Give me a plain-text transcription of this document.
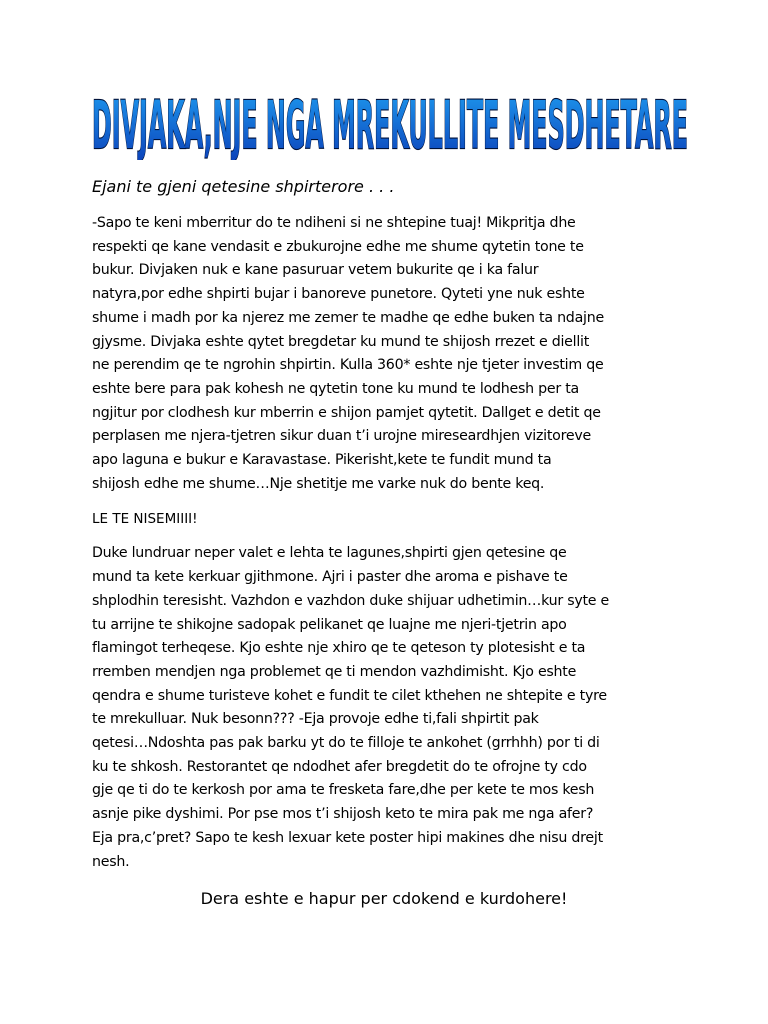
DIVJAKA,NJE NGA MREKULLITE MESDHETARE

Ejani te gjeni qetesine shpirterore . . .

-Sapo te keni mberritur do te ndiheni si ne shtepine tuaj! Mikpritja dhe
respekti qe kane vendasit e zbukurojne edhe me shume qytetin tone te
bukur. Divjaken nuk e kane pasuruar vetem bukurite qe i ka falur
natyra,por edhe shpirti bujar i banoreve punetore. Qyteti yne nuk eshte
shume i madh por ka njerez me zemer te madhe qe edhe buken ta ndajne
gjysme. Divjaka eshte qytet bregdetar ku mund te shijosh rrezet e diellit
ne perendim qe te ngrohin shpirtin. Kulla 360* eshte nje tjeter investim qe
eshte bere para pak kohesh ne qytetin tone ku mund te lodhesh per ta
ngjitur por clodhesh kur mberrin e shijon pamjet qytetit. Dallget e detit qe
perplasen me njera-tjetren sikur duan t’i urojne mireseardhjen vizitoreve
apo laguna e bukur e Karavastase. Pikerisht,kete te fundit mund ta
shijosh edhe me shume…Nje shetitje me varke nuk do bente keq.

LE TE NISEMIIII!

Duke lundruar neper valet e lehta te lagunes,shpirti gjen qetesine qe
mund ta kete kerkuar gjithmone. Ajri i paster dhe aroma e pishave te
shplodhin teresisht. Vazhdon e vazhdon duke shijuar udhetimin…kur syte e
tu arrijne te shikojne sadopak pelikanet qe luajne me njeri-tjetrin apo
flamingot terheqese. Kjo eshte nje xhiro qe te qeteson ty plotesisht e ta
rremben mendjen nga problemet qe ti mendon vazhdimisht. Kjo eshte
qendra e shume turisteve kohet e fundit te cilet kthehen ne shtepite e tyre
te mrekulluar. Nuk besonn??? -Eja provoje edhe ti,fali shpirtit pak
qetesi…Ndoshta pas pak barku yt do te filloje te ankohet (grrhhh) por ti di
ku te shkosh. Restorantet qe ndodhet afer bregdetit do te ofrojne ty cdo
gje qe ti do te kerkosh por ama te fresketa fare,dhe per kete te mos kesh
asnje pike dyshimi. Por pse mos t’i shijosh keto te mira pak me nga afer?
Eja pra,c’pret? Sapo te kesh lexuar kete poster hipi makines dhe nisu drejt
nesh.

Dera eshte e hapur per cdokend e kurdohere!
